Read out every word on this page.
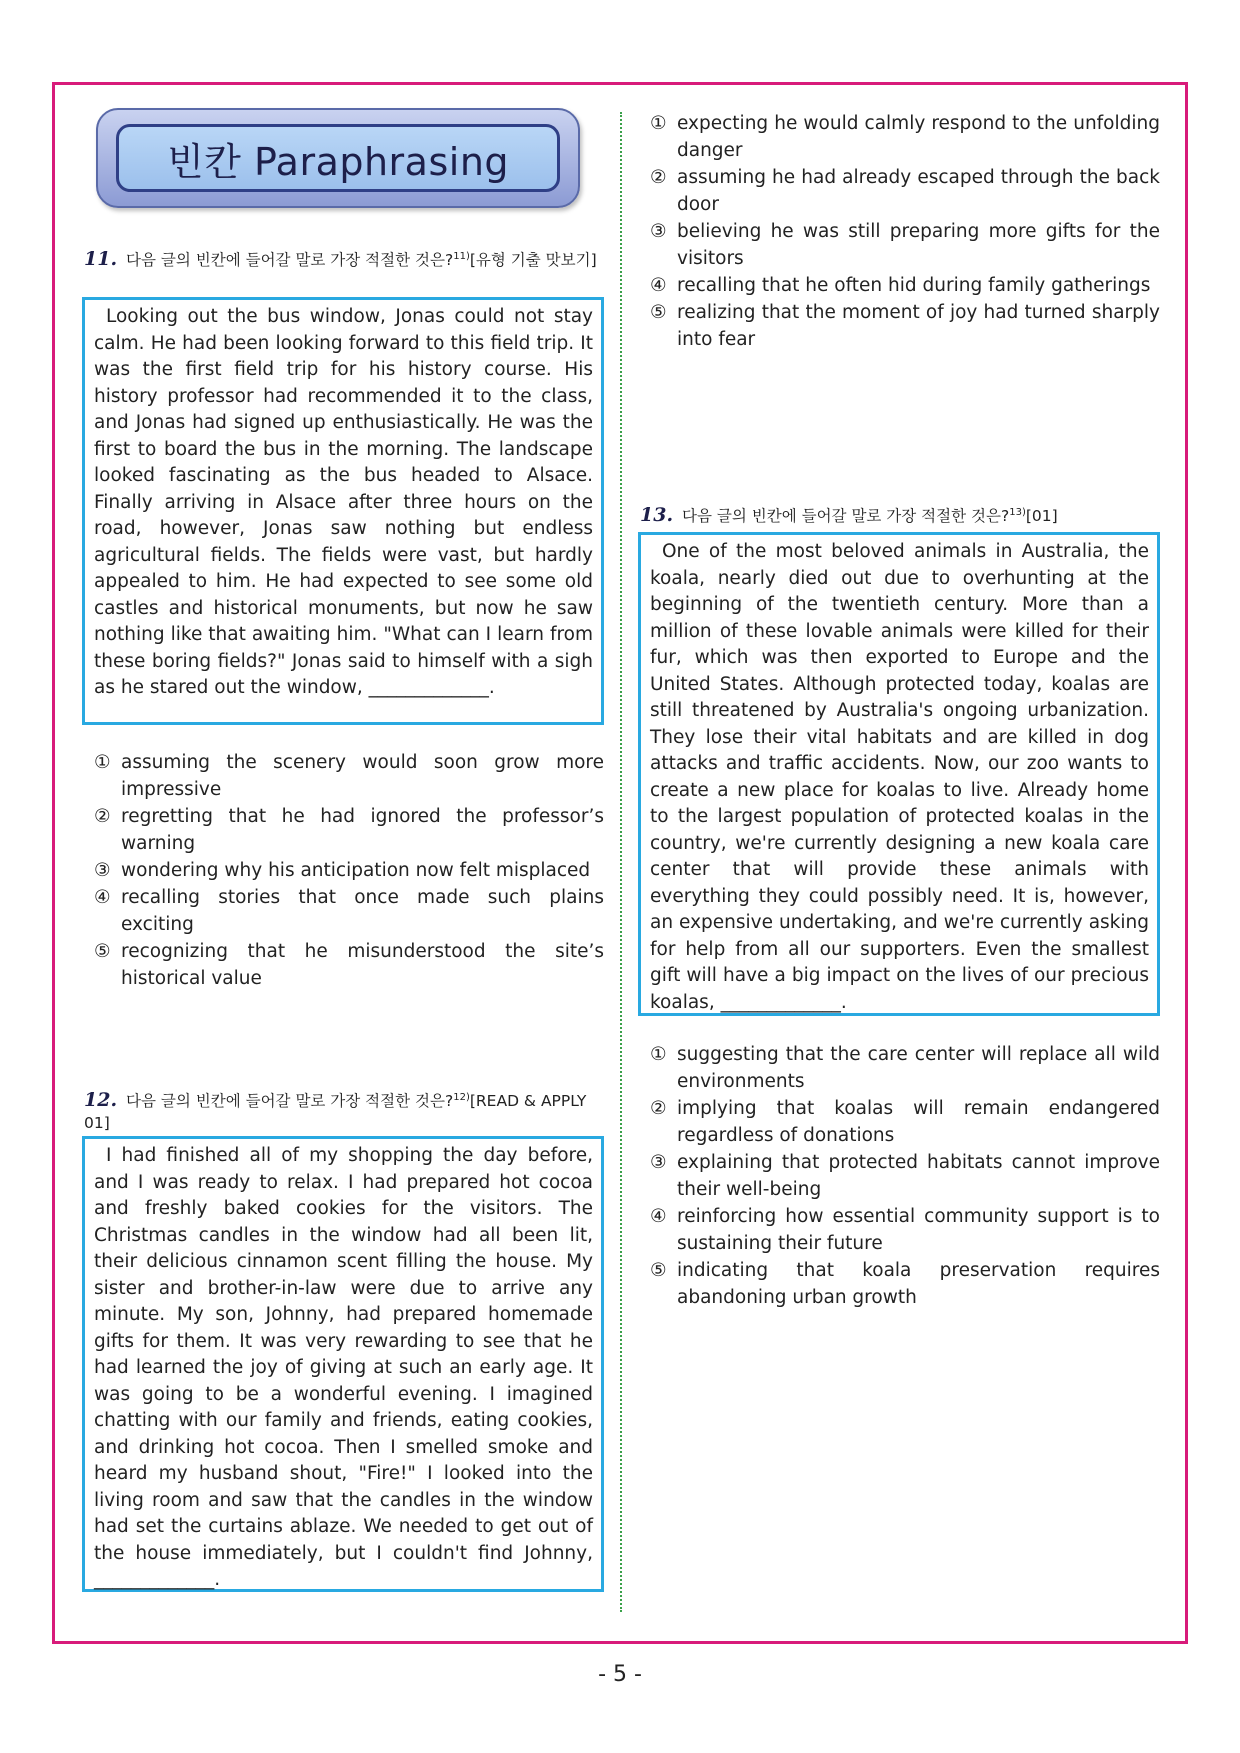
빈칸 Paraphrasing
11. 다음 글의 빈칸에 들어갈 말로 가장 적절한 것은?$^{11)}$[유형 기출 맛보기]

Looking out the bus window, Jonas could not stay calm. He had been looking forward to this field trip. It was the first field trip for his history course. His history professor had recommended it to the class, and Jonas had signed up enthusiastically. He was the first to board the bus in the morning. The landscape looked fascinating as the bus headed to Alsace. Finally arriving in Alsace after three hours on the road, however, Jonas saw nothing but endless agricultural fields. The fields were vast, but hardly appealed to him. He had expected to see some old castles and historical monuments, but now he saw nothing like that awaiting him. "What can I learn from these boring fields?" Jonas said to himself with a sigh as he stared out the window, _____________.

① assuming the scenery would soon grow more impressive
② regretting that he had ignored the professor’s warning
③ wondering why his anticipation now felt misplaced
④ recalling stories that once made such plains exciting
⑤ recognizing that he misunderstood the site’s historical value
12. 다음 글의 빈칸에 들어갈 말로 가장 적절한 것은?$^{12)}$[READ & APPLY 01]

I had finished all of my shopping the day before, and I was ready to relax. I had prepared hot cocoa and freshly baked cookies for the visitors. The Christmas candles in the window had all been lit, their delicious cinnamon scent filling the house. My sister and brother-in-law were due to arrive any minute. My son, Johnny, had prepared homemade gifts for them. It was very rewarding to see that he had learned the joy of giving at such an early age. It was going to be a wonderful evening. I imagined chatting with our family and friends, eating cookies, and drinking hot cocoa. Then I smelled smoke and heard my husband shout, "Fire!" I looked into the living room and saw that the candles in the window had set the curtains ablaze. We needed to get out of the house immediately, but I couldn't find Johnny, _____________.

① expecting he would calmly respond to the unfolding danger
② assuming he had already escaped through the back door
③ believing he was still preparing more gifts for the visitors
④ recalling that he often hid during family gatherings
⑤ realizing that the moment of joy had turned sharply into fear
13. 다음 글의 빈칸에 들어갈 말로 가장 적절한 것은?$^{13)}$[01]

One of the most beloved animals in Australia, the koala, nearly died out due to overhunting at the beginning of the twentieth century. More than a million of these lovable animals were killed for their fur, which was then exported to Europe and the United States. Although protected today, koalas are still threatened by Australia's ongoing urbanization. They lose their vital habitats and are killed in dog attacks and traffic accidents. Now, our zoo wants to create a new place for koalas to live. Already home to the largest population of protected koalas in the country, we're currently designing a new koala care center that will provide these animals with everything they could possibly need. It is, however, an expensive undertaking, and we're currently asking for help from all our supporters. Even the smallest gift will have a big impact on the lives of our precious koalas, _____________.

① suggesting that the care center will replace all wild environments
② implying that koalas will remain endangered regardless of donations
③ explaining that protected habitats cannot improve their well-being
④ reinforcing how essential community support is to sustaining their future
⑤ indicating that koala preservation requires abandoning urban growth
- 5 -
